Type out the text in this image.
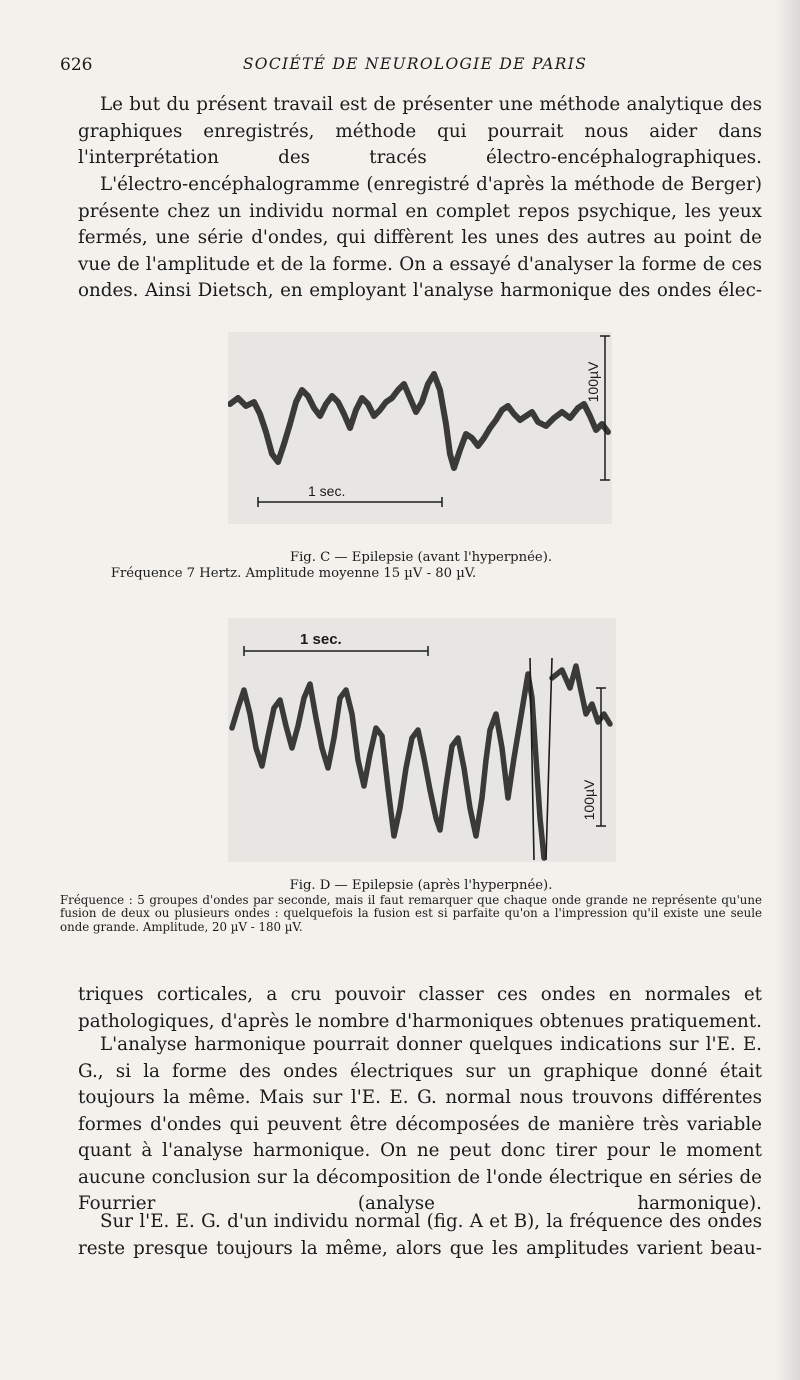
626	SOCIÉTÉ DE NEUROLOGIE DE PARIS

Le but du présent travail est de présenter une méthode analytique des graphiques enregistrés, méthode qui pourrait nous aider dans l'interprétation des tracés électro-encéphalographiques.

L'électro-encéphalogramme (enregistré d'après la méthode de Berger) présente chez un individu normal en complet repos psychique, les yeux fermés, une série d'ondes, qui diffèrent les unes des autres au point de vue de l'amplitude et de la forme. On a essayé d'analyser la forme de ces ondes. Ainsi Dietsch, en employant l'analyse harmonique des ondes élec-

1 sec.
100µV
Fig. C — Epilepsie (avant l'hyperpnée).
Fréquence 7 Hertz. Amplitude moyenne 15 µV - 80 µV.
1 sec.
100µV
Fig. D — Epilepsie (après l'hyperpnée).
Fréquence : 5 groupes d'ondes par seconde, mais il faut remarquer que chaque onde grande ne représente qu'une fusion de deux ou plusieurs ondes : quelquefois la fusion est si parfaite qu'on a l'impression qu'il existe une seule onde grande. Amplitude, 20 µV - 180 µV.

triques corticales, a cru pouvoir classer ces ondes en normales et pathologiques, d'après le nombre d'harmoniques obtenues pratiquement.

L'analyse harmonique pourrait donner quelques indications sur l'E. E. G., si la forme des ondes électriques sur un graphique donné était toujours la même. Mais sur l'E. E. G. normal nous trouvons différentes formes d'ondes qui peuvent être décomposées de manière très variable quant à l'analyse harmonique. On ne peut donc tirer pour le moment aucune conclusion sur la décomposition de l'onde électrique en séries de Fourrier (analyse harmonique).

Sur l'E. E. G. d'un individu normal (fig. A et B), la fréquence des ondes reste presque toujours la même, alors que les amplitudes varient beau-
